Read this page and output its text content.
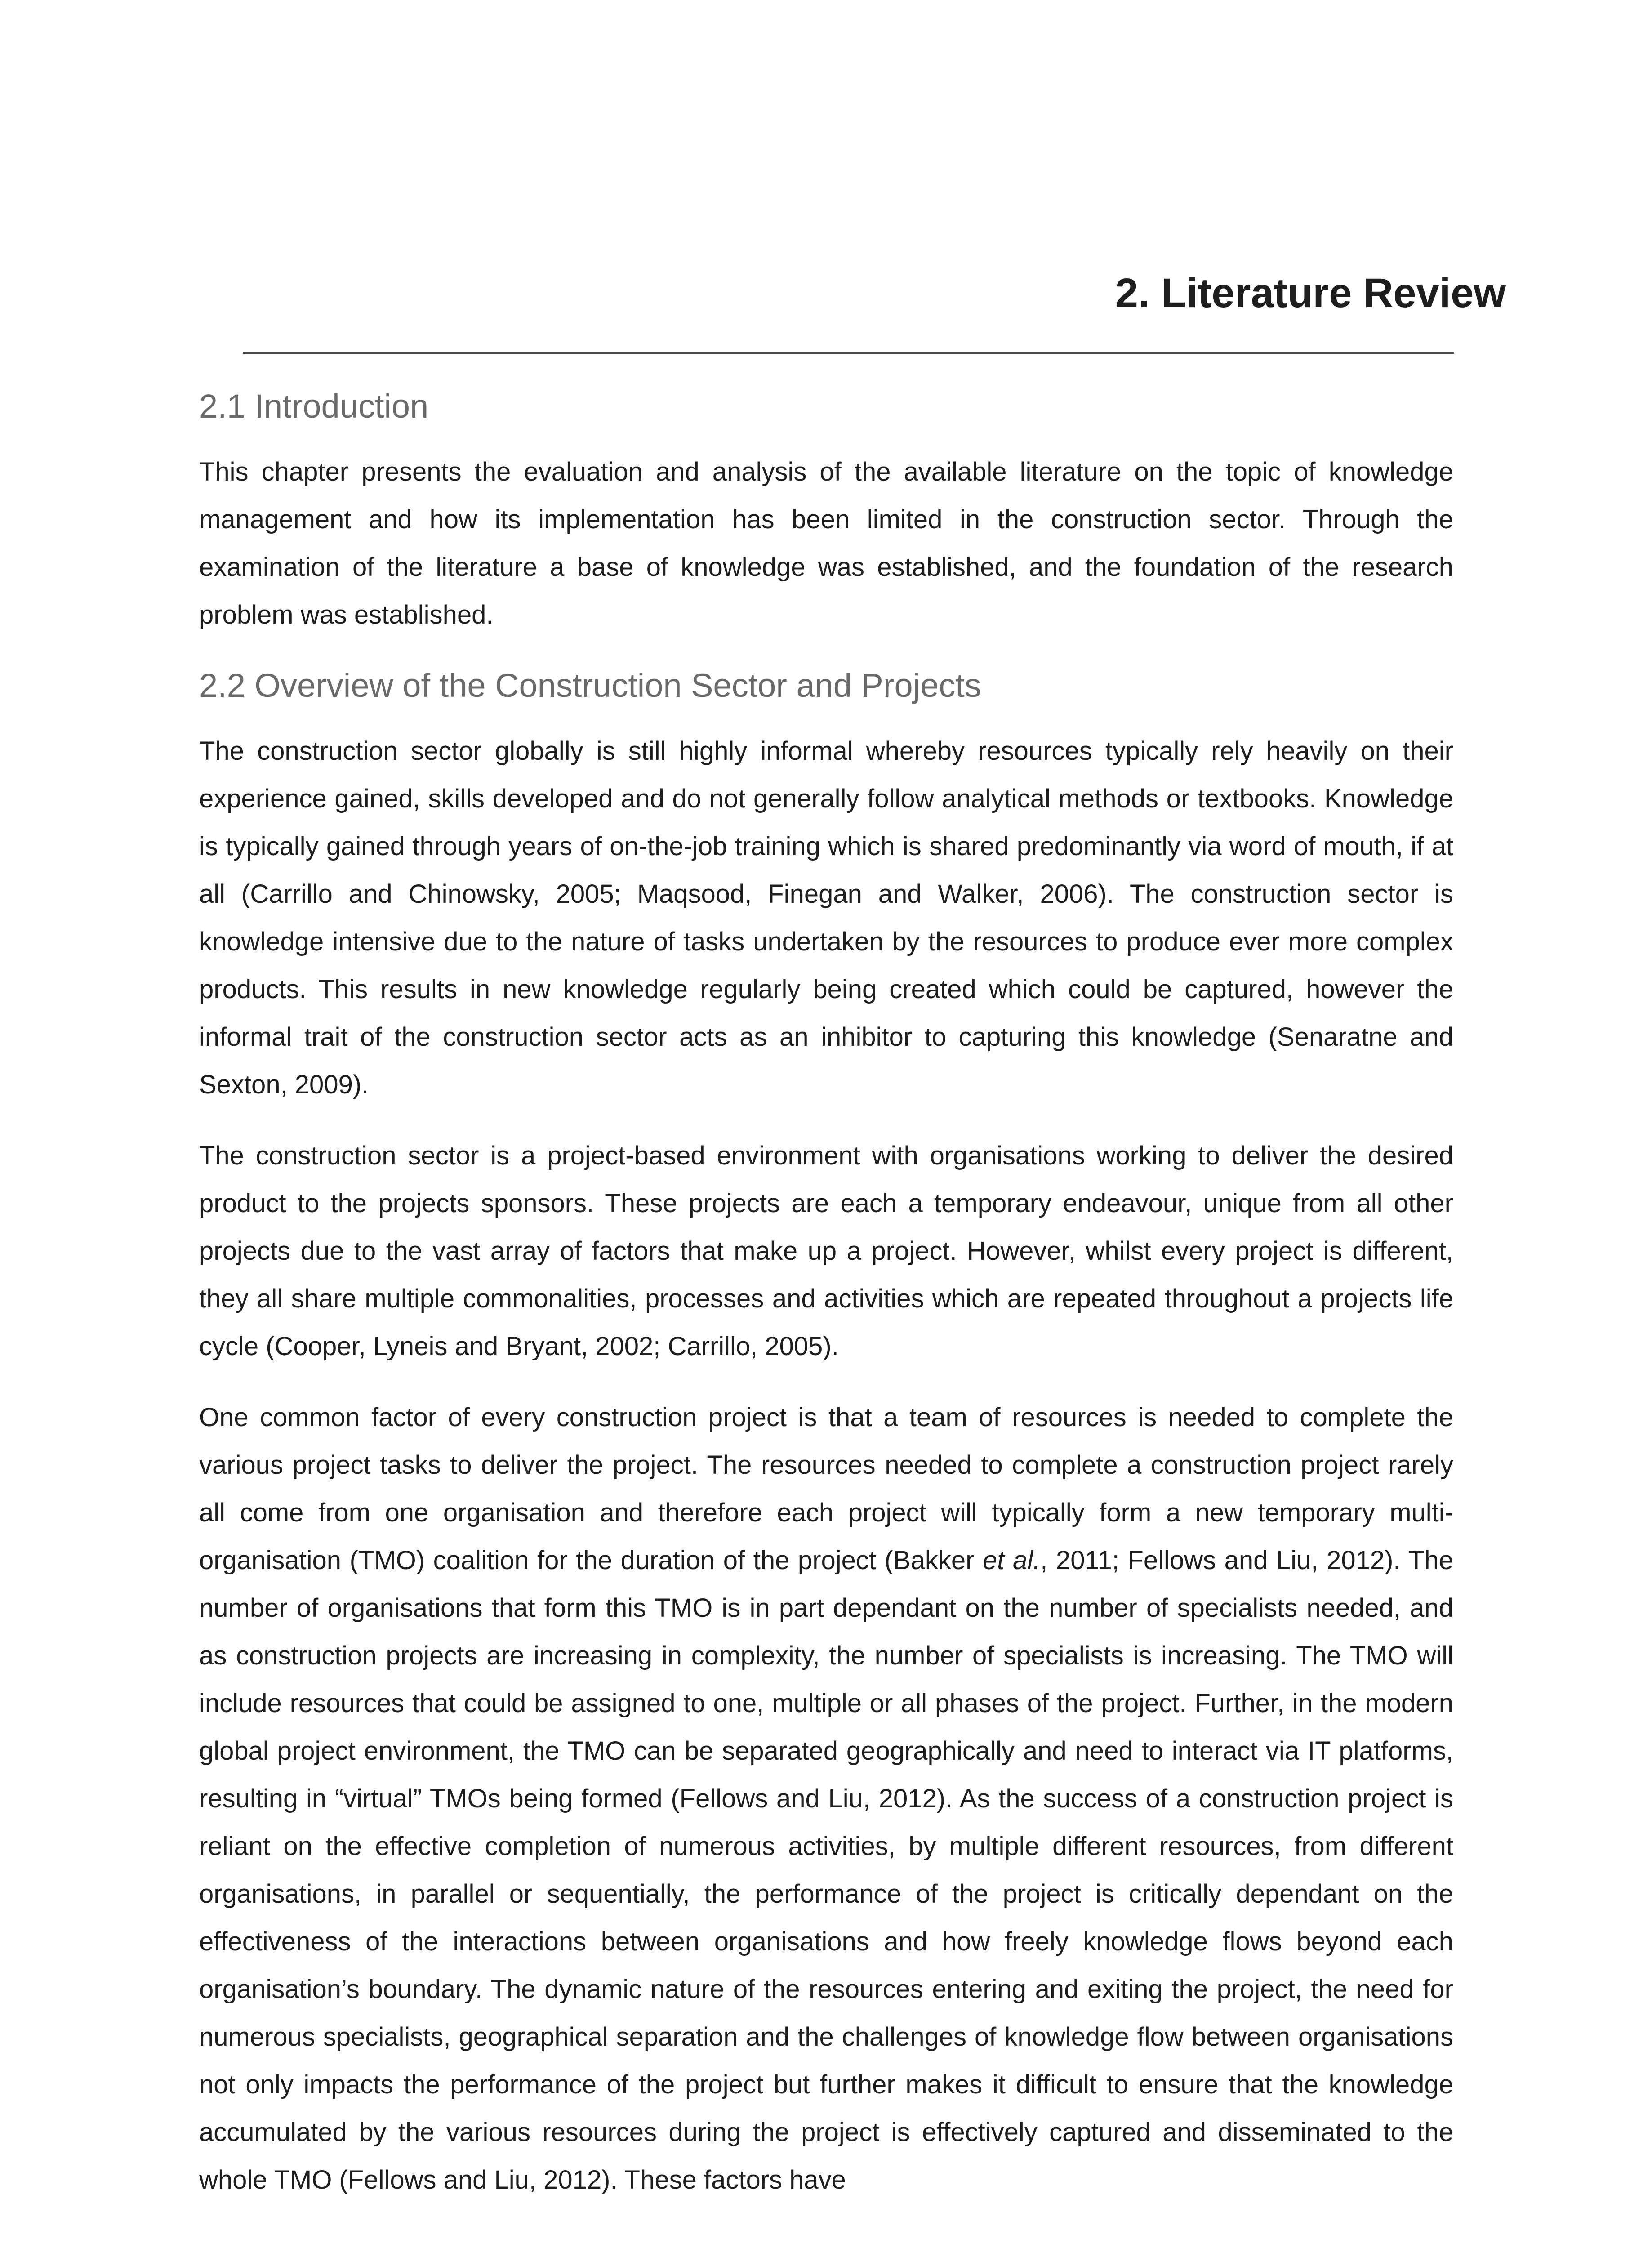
2. Literature Review
2.1 Introduction

This chapter presents the evaluation and analysis of the available literature on the topic of knowledge management and how its implementation has been limited in the construction sector. Through the examination of the literature a base of knowledge was established, and the foundation of the research problem was established.

2.2 Overview of the Construction Sector and Projects

The construction sector globally is still highly informal whereby resources typically rely heavily on their experience gained, skills developed and do not generally follow analytical methods or textbooks. Knowledge is typically gained through years of on-the-job training which is shared predominantly via word of mouth, if at all (Carrillo and Chinowsky, 2005; Maqsood, Finegan and Walker, 2006). The construction sector is knowledge intensive due to the nature of tasks undertaken by the resources to produce ever more complex products. This results in new knowledge regularly being created which could be captured, however the informal trait of the construction sector acts as an inhibitor to capturing this knowledge (Senaratne and Sexton, 2009).

The construction sector is a project-based environment with organisations working to deliver the desired product to the projects sponsors. These projects are each a temporary endeavour, unique from all other projects due to the vast array of factors that make up a project. However, whilst every project is different, they all share multiple commonalities, processes and activities which are repeated throughout a projects life cycle (Cooper, Lyneis and Bryant, 2002; Carrillo, 2005).

One common factor of every construction project is that a team of resources is needed to complete the various project tasks to deliver the project. The resources needed to complete a construction project rarely all come from one organisation and therefore each project will typically form a new temporary multi-organisation (TMO) coalition for the duration of the project (Bakker et al., 2011; Fellows and Liu, 2012). The number of organisations that form this TMO is in part dependant on the number of specialists needed, and as construction projects are increasing in complexity, the number of specialists is increasing. The TMO will include resources that could be assigned to one, multiple or all phases of the project. Further, in the modern global project environment, the TMO can be separated geographically and need to interact via IT platforms, resulting in “virtual” TMOs being formed (Fellows and Liu, 2012). As the success of a construction project is reliant on the effective completion of numerous activities, by multiple different resources, from different organisations, in parallel or sequentially, the performance of the project is critically dependant on the effectiveness of the interactions between organisations and how freely knowledge flows beyond each organisation’s boundary. The dynamic nature of the resources entering and exiting the project, the need for numerous specialists, geographical separation and the challenges of knowledge flow between organisations not only impacts the performance of the project but further makes it difficult to ensure that the knowledge accumulated by the various resources during the project is effectively captured and disseminated to the whole TMO (Fellows and Liu, 2012). These factors have
